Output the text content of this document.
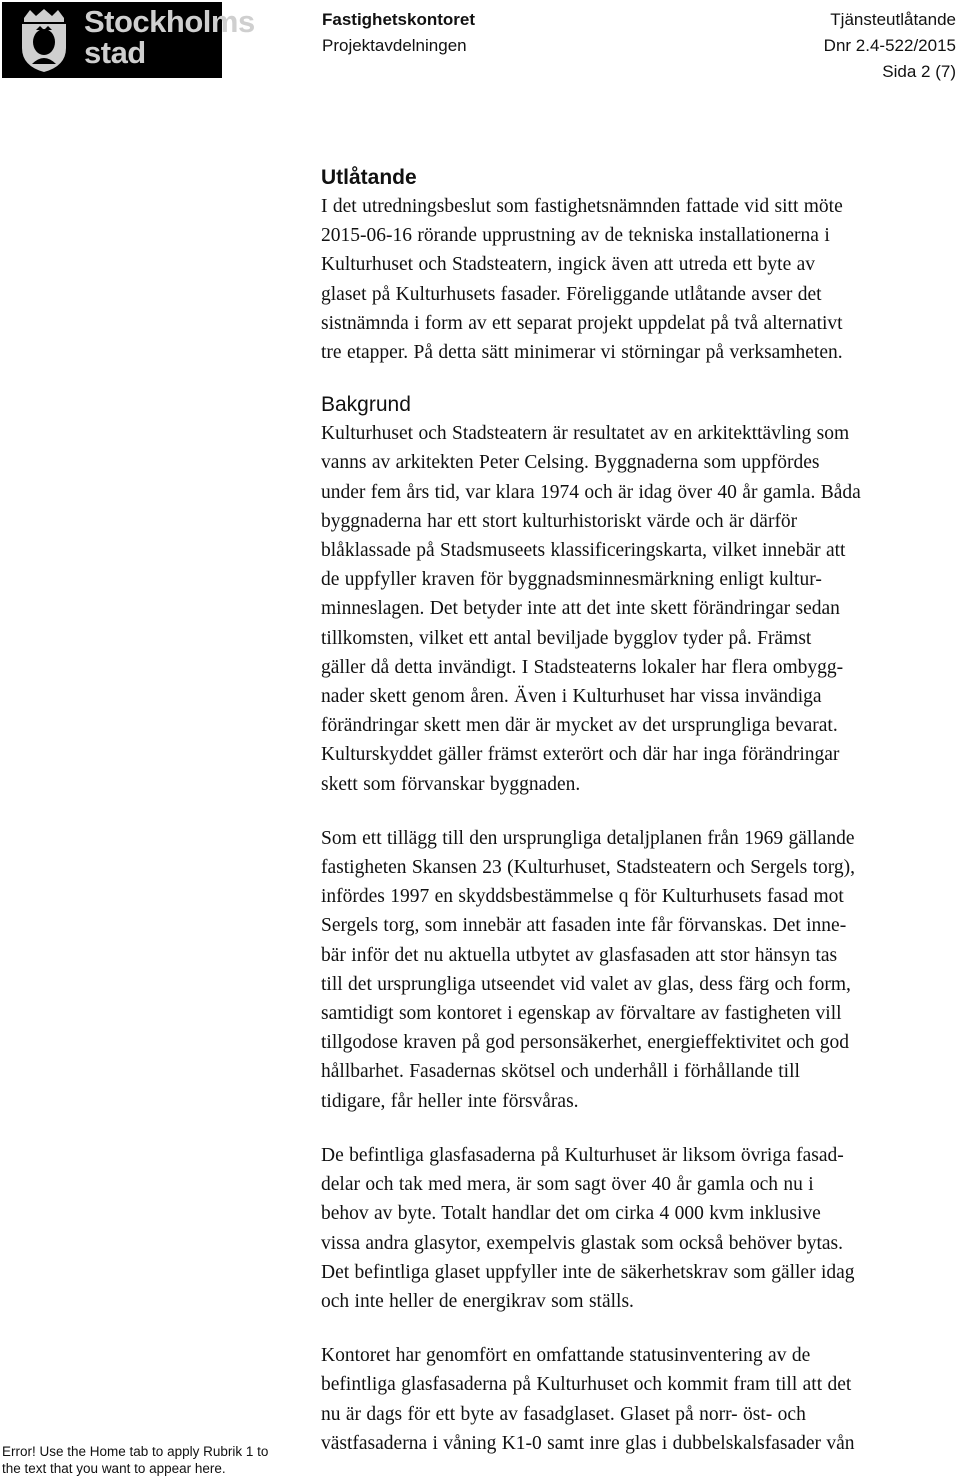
Stockholms
stad
Fastighetskontoret
Projektavdelningen
Tjänsteutlåtande
Dnr 2.4-522/2015
Sida 2 (7)
Utlåtande

I det utredningsbeslut som fastighetsnämnden fattade vid sitt möte
2015-06-16 rörande upprustning av de tekniska installationerna i
Kulturhuset och Stadsteatern, ingick även att utreda ett byte av
glaset på Kulturhusets fasader. Föreliggande utlåtande avser det
sistnämnda i form av ett separat projekt uppdelat på två alternativt
tre etapper. På detta sätt minimerar vi störningar på verksamheten.

Bakgrund

Kulturhuset och Stadsteatern är resultatet av en arkitekttävling som
vanns av arkitekten Peter Celsing. Byggnaderna som uppfördes
under fem års tid, var klara 1974 och är idag över 40 år gamla. Båda
byggnaderna har ett stort kulturhistoriskt värde och är därför
blåklassade på Stadsmuseets klassificeringskarta, vilket innebär att
de uppfyller kraven för byggnadsminnesmärkning enligt kultur-
minneslagen. Det betyder inte att det inte skett förändringar sedan
tillkomsten, vilket ett antal beviljade bygglov tyder på. Främst
gäller då detta invändigt. I Stadsteaterns lokaler har flera ombygg-
nader skett genom åren. Även i Kulturhuset har vissa invändiga
förändringar skett men där är mycket av det ursprungliga bevarat.
Kulturskyddet gäller främst exterört och där har inga förändringar
skett som förvanskar byggnaden.

Som ett tillägg till den ursprungliga detaljplanen från 1969 gällande
fastigheten Skansen 23 (Kulturhuset, Stadsteatern och Sergels torg),
infördes 1997 en skyddsbestämmelse q för Kulturhusets fasad mot
Sergels torg, som innebär att fasaden inte får förvanskas. Det inne-
bär inför det nu aktuella utbytet av glasfasaden att stor hänsyn tas
till det ursprungliga utseendet vid valet av glas, dess färg och form,
samtidigt som kontoret i egenskap av förvaltare av fastigheten vill
tillgodose kraven på god personsäkerhet, energieffektivitet och god
hållbarhet. Fasadernas skötsel och underhåll i förhållande till
tidigare, får heller inte försvåras.

De befintliga glasfasaderna på Kulturhuset är liksom övriga fasad-
delar och tak med mera, är som sagt över 40 år gamla och nu i
behov av byte. Totalt handlar det om cirka 4 000 kvm inklusive
vissa andra glasytor, exempelvis glastak som också behöver bytas.
Det befintliga glaset uppfyller inte de säkerhetskrav som gäller idag
och inte heller de energikrav som ställs.

Kontoret har genomfört en omfattande statusinventering av de
befintliga glasfasaderna på Kulturhuset och kommit fram till att det
nu är dags för ett byte av fasadglaset. Glaset på norr- öst- och
västfasaderna i våning K1-0 samt inre glas i dubbelskalsfasader vån

Error! Use the Home tab to apply Rubrik 1 to
the text that you want to appear here.
